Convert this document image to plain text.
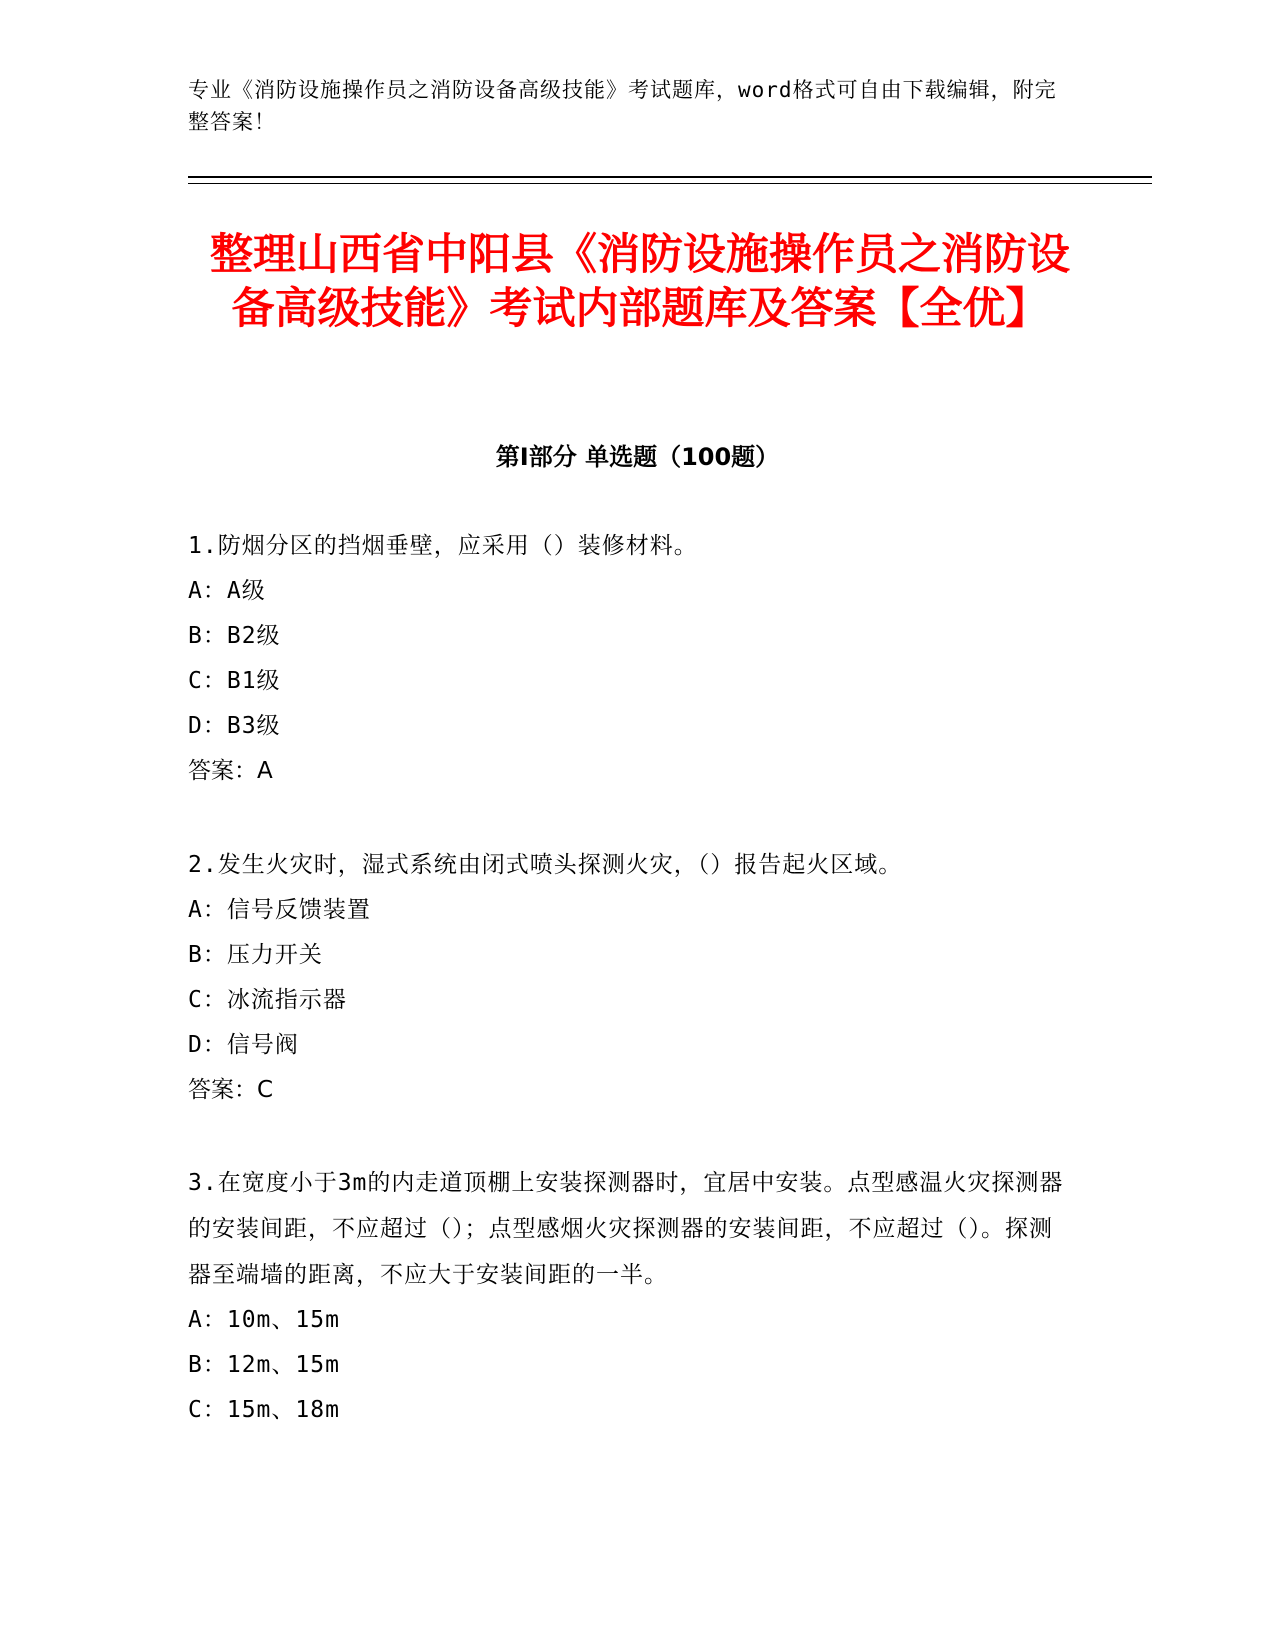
专业《消防设施操作员之消防设备高级技能》考试题库，word格式可自由下载编辑，附完整答案！
整理山西省中阳县《消防设施操作员之消防设备高级技能》考试内部题库及答案【全优】
第Ⅰ部分 单选题（100题）

1.防烟分区的挡烟垂壁，应采用（）装修材料。

A：A级

B：B2级

C：B1级

D：B3级

答案：A

2.发生火灾时，湿式系统由闭式喷头探测火灾，（）报告起火区域。

A：信号反馈装置

B：压力开关

C：冰流指示器

D：信号阀

答案：C

3.在宽度小于3m的内走道顶棚上安装探测器时，宜居中安装。点型感温火灾探测器的安装间距，不应超过（）；点型感烟火灾探测器的安装间距，不应超过（）。探测器至端墙的距离，不应大于安装间距的一半。

A：10m、15m

B：12m、15m

C：15m、18m
